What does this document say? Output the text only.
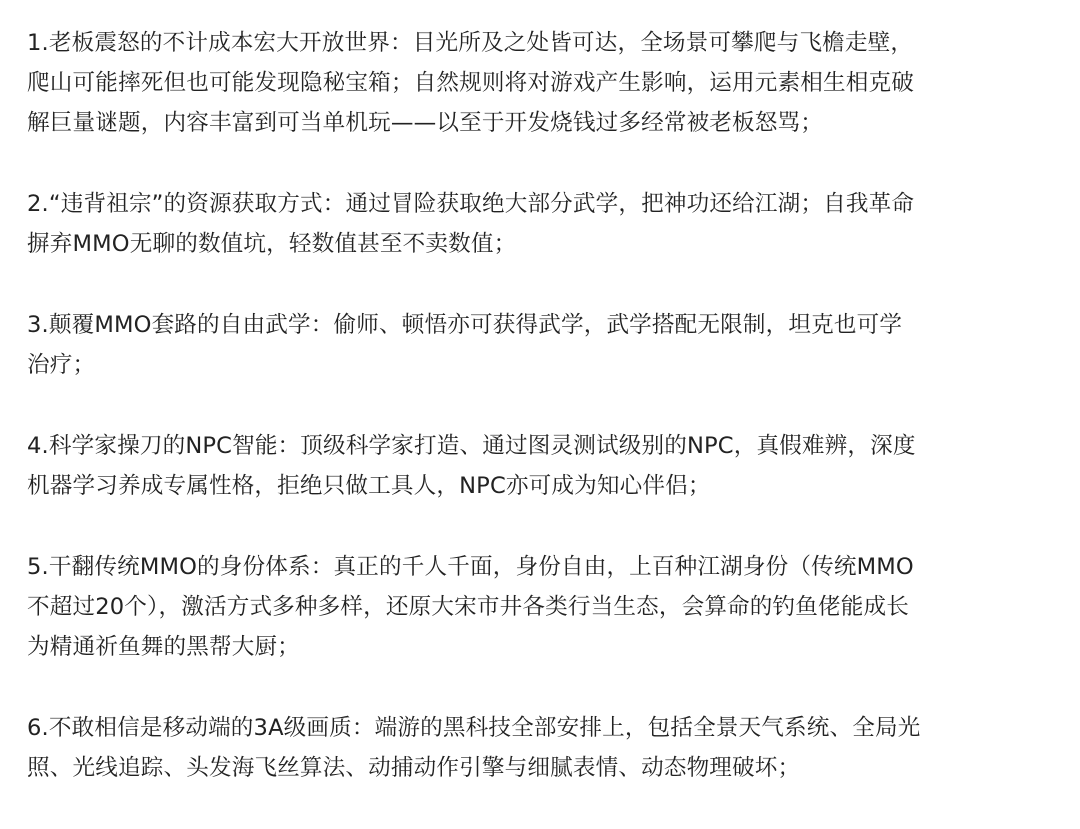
1.老板震怒的不计成本宏大开放世界：目光所及之处皆可达，全场景可攀爬与飞檐走壁，
爬山可能摔死但也可能发现隐秘宝箱；自然规则将对游戏产生影响，运用元素相生相克破
解巨量谜题，内容丰富到可当单机玩——以至于开发烧钱过多经常被老板怒骂；
2.“违背祖宗”的资源获取方式：通过冒险获取绝大部分武学，把神功还给江湖；自我革命
摒弃MMO无聊的数值坑，轻数值甚至不卖数值；
3.颠覆MMO套路的自由武学：偷师、顿悟亦可获得武学，武学搭配无限制，坦克也可学
治疗；
4.科学家操刀的NPC智能：顶级科学家打造、通过图灵测试级别的NPC，真假难辨，深度
机器学习养成专属性格，拒绝只做工具人，NPC亦可成为知心伴侣；
5.干翻传统MMO的身份体系：真正的千人千面，身份自由，上百种江湖身份（传统MMO
不超过20个），激活方式多种多样，还原大宋市井各类行当生态，会算命的钓鱼佬能成长
为精通祈鱼舞的黑帮大厨；
6.不敢相信是移动端的3A级画质：端游的黑科技全部安排上，包括全景天气系统、全局光
照、光线追踪、头发海飞丝算法、动捕动作引擎与细腻表情、动态物理破坏；
